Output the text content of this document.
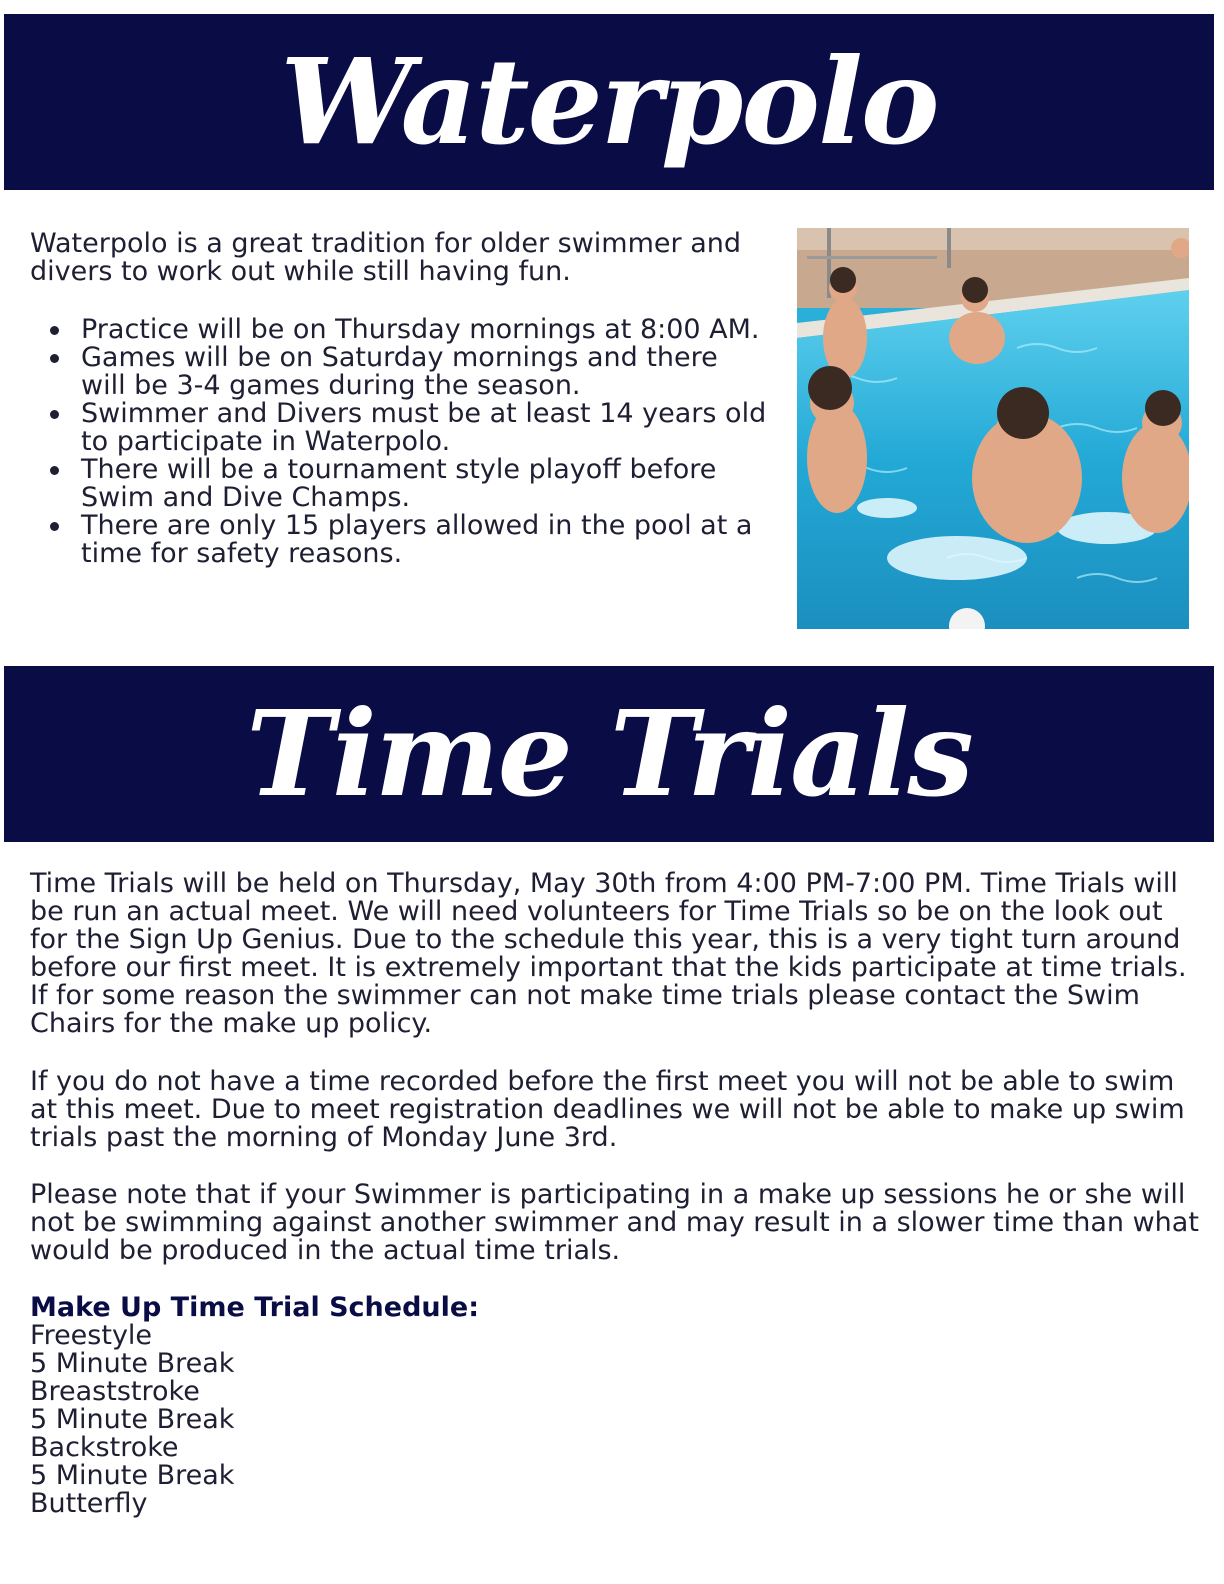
Waterpolo
Waterpolo is a great tradition for older swimmer and divers to work out while still having fun.
Practice will be on Thursday mornings at 8:00 AM.
Games will be on Saturday mornings and there will be 3-4 games during the season.
Swimmer and Divers must be at least 14 years old to participate in Waterpolo.
There will be a tournament style playoff before Swim and Dive Champs.
There are only 15 players allowed in the pool at a time for safety reasons.
Time Trials
Time Trials will be held on Thursday, May 30th from 4:00 PM-7:00 PM. Time Trials will be run an actual meet. We will need volunteers for Time Trials so be on the look out for the Sign Up Genius. Due to the schedule this year, this is a very tight turn around before our first meet. It is extremely important that the kids participate at time trials. If for some reason the swimmer can not make time trials please contact the Swim Chairs for the make up policy.
If you do not have a time recorded before the first meet you will not be able to swim at this meet. Due to meet registration deadlines we will not be able to make up swim trials past the morning of Monday June 3rd.
Please note that if your Swimmer is participating in a make up sessions he or she will not be swimming against another swimmer and may result in a slower time than what would be produced in the actual time trials.
Make Up Time Trial Schedule:
Freestyle
5 Minute Break
Breaststroke
5 Minute Break
Backstroke
5 Minute Break
Butterfly
